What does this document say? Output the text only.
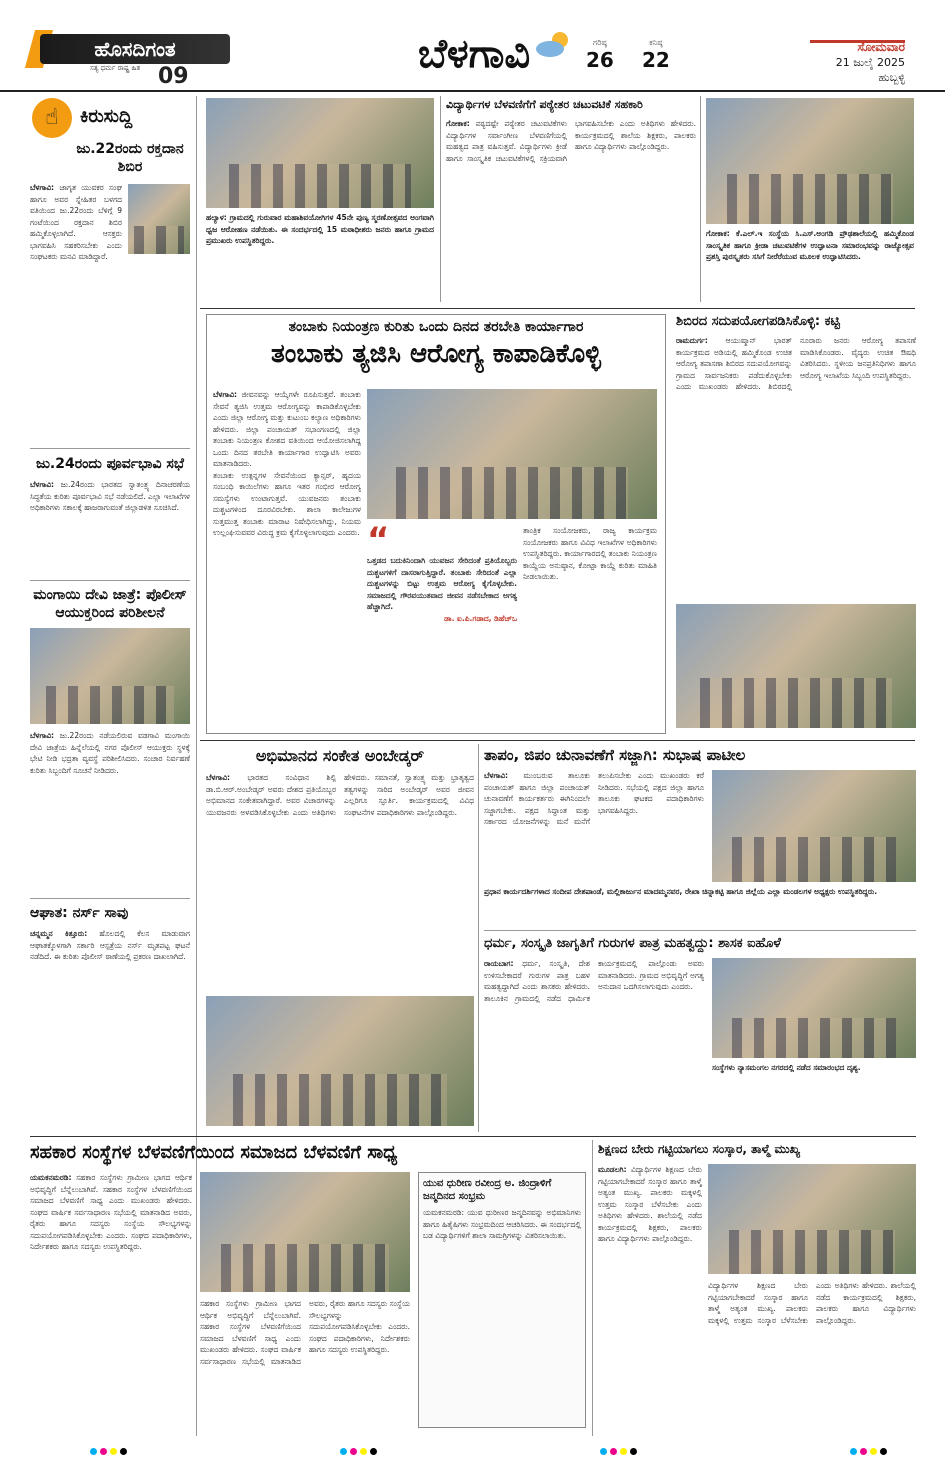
ಹೊಸದಿಗಂತ
ಸತ್ಯ ಧರ್ಮ ರಾಷ್ಟ್ರ ಹಿತ 09	ಬೆಳಗಾವಿ	ಗರಿಷ್ಠ
26
ಕನಿಷ್ಠ
22
ಸೋಮವಾರ
21 ಜುಲೈ 2025
ಹುಬ್ಬಳ್ಳಿ
☝	ಕಿರುಸುದ್ದಿ
ಜು.22ರಂದು ರಕ್ತದಾನ ಶಿಬಿರ
ಬೆಳಗಾವಿ: ಜಾಗೃತ ಯುವಕರ ಸಂಘ ಹಾಗೂ ಅವರ ಸ್ನೇಹಿತರ ಬಳಗದ ವತಿಯಿಂದ ಜು.22ರಂದು ಬೆಳಿಗ್ಗೆ 9 ಗಂಟೆಯಿಂದ ರಕ್ತದಾನ ಶಿಬಿರ ಹಮ್ಮಿಕೊಳ್ಳಲಾಗಿದೆ. ಆಸಕ್ತರು ಭಾಗವಹಿಸಿ ಸಹಕರಿಸಬೇಕು ಎಂದು ಸಂಘಟಕರು ಮನವಿ ಮಾಡಿದ್ದಾರೆ.
ಜು.24ರಂದು ಪೂರ್ವಭಾವಿ ಸಭೆ
ಬೆಳಗಾವಿ: ಜು.24ರಂದು ಭಾರತದ ಸ್ವಾತಂತ್ರ್ಯ ದಿನಾಚರಣೆಯ ಸಿದ್ಧತೆಯ ಕುರಿತು ಪೂರ್ವಭಾವಿ ಸಭೆ ನಡೆಯಲಿದೆ. ಎಲ್ಲಾ ಇಲಾಖೆಗಳ ಅಧಿಕಾರಿಗಳು ಸಕಾಲಕ್ಕೆ ಹಾಜರಾಗುವಂತೆ ಜಿಲ್ಲಾಡಳಿತ ಸೂಚಿಸಿದೆ.
ಮಂಗಾಯಿ ದೇವಿ ಜಾತ್ರೆ: ಪೊಲೀಸ್ ಆಯುಕ್ತರಿಂದ ಪರಿಶೀಲನೆ
ಬೆಳಗಾವಿ: ಜು.22ರಂದು ನಡೆಯಲಿರುವ ವಡಗಾವಿ ಮಂಗಾಯಿ ದೇವಿ ಜಾತ್ರೆಯ ಹಿನ್ನೆಲೆಯಲ್ಲಿ ನಗರ ಪೊಲೀಸ್ ಆಯುಕ್ತರು ಸ್ಥಳಕ್ಕೆ ಭೇಟಿ ನೀಡಿ ಭದ್ರತಾ ವ್ಯವಸ್ಥೆ ಪರಿಶೀಲಿಸಿದರು. ಸಂಚಾರ ನಿರ್ವಹಣೆ ಕುರಿತು ಸಿಬ್ಬಂದಿಗೆ ಸೂಚನೆ ನೀಡಿದರು.
ಆಘಾತ: ನರ್ಸ್ ಸಾವು
ಚನ್ನಮ್ಮನ ಕಿತ್ತೂರು: ಹೊಲದಲ್ಲಿ ಕೆಲಸ ಮಾಡುವಾಗ ಆಘಾತಕ್ಕೊಳಗಾಗಿ ಸರ್ಕಾರಿ ಆಸ್ಪತ್ರೆಯ ನರ್ಸ್ ಮೃತಪಟ್ಟ ಘಟನೆ ನಡೆದಿದೆ. ಈ ಕುರಿತು ಪೊಲೀಸ್ ಠಾಣೆಯಲ್ಲಿ ಪ್ರಕರಣ ದಾಖಲಾಗಿದೆ.
ಹಲ್ಯಾಳ: ಗ್ರಾಮದಲ್ಲಿ ಗುರುವಾರ ಮಹಾಶಿವಯೋಗಿಗಳ 45ನೇ ಪುಣ್ಯ ಸ್ಮರಣೋತ್ಸವದ ಅಂಗವಾಗಿ ಧ್ವಜ ಆರೋಹಣ ನಡೆಯಿತು. ಈ ಸಂದರ್ಭದಲ್ಲಿ 15 ಮಠಾಧೀಶರು ಜನರು ಹಾಗೂ ಗ್ರಾಮದ ಪ್ರಮುಖರು ಉಪಸ್ಥಿತರಿದ್ದರು.
ವಿದ್ಯಾರ್ಥಿಗಳ ಬೆಳವಣಿಗೆಗೆ ಪಠ್ಯೇತರ ಚಟುವಟಿಕೆ ಸಹಕಾರಿ
ಗೋಕಾಕ: ಪಠ್ಯದಷ್ಟೇ ಪಠ್ಯೇತರ ಚಟುವಟಿಕೆಗಳು ವಿದ್ಯಾರ್ಥಿಗಳ ಸರ್ವಾಂಗೀಣ ಬೆಳವಣಿಗೆಯಲ್ಲಿ ಮಹತ್ವದ ಪಾತ್ರ ವಹಿಸುತ್ತವೆ. ವಿದ್ಯಾರ್ಥಿಗಳು ಕ್ರೀಡೆ ಹಾಗೂ ಸಾಂಸ್ಕೃತಿಕ ಚಟುವಟಿಕೆಗಳಲ್ಲಿ ಸಕ್ರಿಯವಾಗಿ ಭಾಗವಹಿಸಬೇಕು ಎಂದು ಅತಿಥಿಗಳು ಹೇಳಿದರು. ಕಾರ್ಯಕ್ರಮದಲ್ಲಿ ಶಾಲೆಯ ಶಿಕ್ಷಕರು, ಪಾಲಕರು ಹಾಗೂ ವಿದ್ಯಾರ್ಥಿಗಳು ಪಾಲ್ಗೊಂಡಿದ್ದರು.
ಗೋಕಾಕ: ಕೆ.ಎಲ್.ಇ ಸಂಸ್ಥೆಯ ಸಿ.ಎಸ್.ಅಂಗಡಿ ಪ್ರೌಢಶಾಲೆಯಲ್ಲಿ ಹಮ್ಮಿಕೊಂಡ ಸಾಂಸ್ಕೃತಿಕ ಹಾಗೂ ಕ್ರೀಡಾ ಚಟುವಟಿಕೆಗಳ ಉದ್ಘಾಟನಾ ಸಮಾರಂಭವನ್ನು ರಾಜ್ಯೋತ್ಸವ ಪ್ರಶಸ್ತಿ ಪುರಸ್ಕೃತರು ಸಸಿಗೆ ನೀರೆರೆಯುವ ಮೂಲಕ ಉದ್ಘಾಟಿಸಿದರು.
ತಂಬಾಕು ನಿಯಂತ್ರಣ ಕುರಿತು ಒಂದು ದಿನದ ತರಬೇತಿ ಕಾರ್ಯಾಗಾರ
ತಂಬಾಕು ತ್ಯಜಿಸಿ ಆರೋಗ್ಯ ಕಾಪಾಡಿಕೊಳ್ಳಿ
ಬೆಳಗಾವಿ: ಜೀವನವನ್ನು ಆಯ್ಕೆಗಳೇ ರೂಪಿಸುತ್ತವೆ. ತಂಬಾಕು ಸೇವನೆ ತ್ಯಜಿಸಿ ಉತ್ತಮ ಆರೋಗ್ಯವನ್ನು ಕಾಪಾಡಿಕೊಳ್ಳಬೇಕು ಎಂದು ಜಿಲ್ಲಾ ಆರೋಗ್ಯ ಮತ್ತು ಕುಟುಂಬ ಕಲ್ಯಾಣ ಅಧಿಕಾರಿಗಳು ಹೇಳಿದರು. ಜಿಲ್ಲಾ ಪಂಚಾಯತ್ ಸಭಾಂಗಣದಲ್ಲಿ ಜಿಲ್ಲಾ ತಂಬಾಕು ನಿಯಂತ್ರಣ ಕೋಶದ ವತಿಯಿಂದ ಆಯೋಜಿಸಲಾಗಿದ್ದ ಒಂದು ದಿನದ ತರಬೇತಿ ಕಾರ್ಯಾಗಾರ ಉದ್ಘಾಟಿಸಿ ಅವರು ಮಾತನಾಡಿದರು.

ತಂಬಾಕು ಉತ್ಪನ್ನಗಳ ಸೇವನೆಯಿಂದ ಕ್ಯಾನ್ಸರ್, ಹೃದಯ ಸಂಬಂಧಿ ಕಾಯಿಲೆಗಳು ಹಾಗೂ ಇತರ ಗಂಭೀರ ಆರೋಗ್ಯ ಸಮಸ್ಯೆಗಳು ಉಂಟಾಗುತ್ತವೆ. ಯುವಜನರು ತಂಬಾಕು ದುಶ್ಚಟಗಳಿಂದ ದೂರವಿರಬೇಕು. ಶಾಲಾ ಕಾಲೇಜುಗಳ ಸುತ್ತಮುತ್ತ ತಂಬಾಕು ಮಾರಾಟ ನಿಷೇಧಿಸಲಾಗಿದ್ದು, ನಿಯಮ ಉಲ್ಲಂಘಿಸುವವರ ವಿರುದ್ಧ ಕ್ರಮ ಕೈಗೊಳ್ಳಲಾಗುವುದು ಎಂದರು. “
ಒತ್ತಡದ ಬದುಕಿನಿಂದಾಗಿ ಯುವಜನ ಸೇರಿದಂತೆ ಪ್ರತಿಯೊಬ್ಬರು ದುಶ್ಚಟಗಳಿಗೆ ದಾಸರಾಗುತ್ತಿದ್ದಾರೆ. ತಂಬಾಕು ಸೇರಿದಂತೆ ಎಲ್ಲಾ ದುಶ್ಚಟಗಳನ್ನು ಬಿಟ್ಟು ಉತ್ತಮ ಆರೋಗ್ಯ ಕೈಗೊಳ್ಳಬೇಕು. ಸಮಾಜದಲ್ಲಿ ಗೌರವಯುತವಾದ ಜೀವನ ನಡೆಸಬೇಕಾದ ಅಗತ್ಯ ಹೆಚ್ಚಾಗಿದೆ.
ಡಾ. ಐ.ಪಿ.ಗಡಾದ, ಡಿಹೆಚ್‌ಒ
ತಾಂತ್ರಿಕ ಸಂಯೋಜಕರು, ರಾಜ್ಯ ಕಾರ್ಯಕ್ರಮ ಸಂಯೋಜಕರು ಹಾಗೂ ವಿವಿಧ ಇಲಾಖೆಗಳ ಅಧಿಕಾರಿಗಳು ಉಪಸ್ಥಿತರಿದ್ದರು. ಕಾರ್ಯಾಗಾರದಲ್ಲಿ ತಂಬಾಕು ನಿಯಂತ್ರಣ ಕಾಯ್ದೆಯ ಅನುಷ್ಠಾನ, ಕೋಟ್ಪಾ ಕಾಯ್ದೆ ಕುರಿತು ಮಾಹಿತಿ ನೀಡಲಾಯಿತು.
ಶಿಬಿರದ ಸದುಪಯೋಗಪಡಿಸಿಕೊಳ್ಳಿ: ಕಟ್ಟಿ
ರಾಮದುರ್ಗ: ಆಯುಷ್ಮಾನ್ ಭಾರತ್ ಕಾರ್ಯಕ್ರಮದ ಅಡಿಯಲ್ಲಿ ಹಮ್ಮಿಕೊಂಡ ಉಚಿತ ಆರೋಗ್ಯ ತಪಾಸಣಾ ಶಿಬಿರದ ಸದುಪಯೋಗವನ್ನು ಗ್ರಾಮದ ಸಾರ್ವಜನಿಕರು ಪಡೆದುಕೊಳ್ಳಬೇಕು ಎಂದು ಮುಖಂಡರು ಹೇಳಿದರು. ಶಿಬಿರದಲ್ಲಿ ನೂರಾರು ಜನರು ಆರೋಗ್ಯ ತಪಾಸಣೆ ಮಾಡಿಸಿಕೊಂಡರು. ವೈದ್ಯರು ಉಚಿತ ಔಷಧಿ ವಿತರಿಸಿದರು. ಸ್ಥಳೀಯ ಜನಪ್ರತಿನಿಧಿಗಳು ಹಾಗೂ ಆರೋಗ್ಯ ಇಲಾಖೆಯ ಸಿಬ್ಬಂದಿ ಉಪಸ್ಥಿತರಿದ್ದರು.
ಅಭಿಮಾನದ ಸಂಕೇತ ಅಂಬೇಡ್ಕರ್
ಬೆಳಗಾವಿ: ಭಾರತದ ಸಂವಿಧಾನ ಶಿಲ್ಪಿ ಡಾ.ಬಿ.ಆರ್.ಅಂಬೇಡ್ಕರ್ ಅವರು ದೇಶದ ಪ್ರತಿಯೊಬ್ಬರ ಅಭಿಮಾನದ ಸಂಕೇತವಾಗಿದ್ದಾರೆ. ಅವರ ವಿಚಾರಗಳನ್ನು ಯುವಜನರು ಅಳವಡಿಸಿಕೊಳ್ಳಬೇಕು ಎಂದು ಅತಿಥಿಗಳು ಹೇಳಿದರು. ಸಮಾನತೆ, ಸ್ವಾತಂತ್ರ್ಯ ಮತ್ತು ಭ್ರಾತೃತ್ವದ ತತ್ವಗಳನ್ನು ಸಾರಿದ ಅಂಬೇಡ್ಕರ್ ಅವರ ಜೀವನ ಎಲ್ಲರಿಗೂ ಸ್ಫೂರ್ತಿ. ಕಾರ್ಯಕ್ರಮದಲ್ಲಿ ವಿವಿಧ ಸಂಘಟನೆಗಳ ಪದಾಧಿಕಾರಿಗಳು ಪಾಲ್ಗೊಂಡಿದ್ದರು.
ತಾಪಂ, ಜಿಪಂ ಚುನಾವಣೆಗೆ ಸಜ್ಜಾಗಿ: ಸುಭಾಷ ಪಾಟೀಲ
ಬೆಳಗಾವಿ: ಮುಂಬರುವ ತಾಲೂಕು ಪಂಚಾಯತ್ ಹಾಗೂ ಜಿಲ್ಲಾ ಪಂಚಾಯತ್ ಚುನಾವಣೆಗೆ ಕಾರ್ಯಕರ್ತರು ಈಗಿನಿಂದಲೇ ಸಜ್ಜಾಗಬೇಕು. ಪಕ್ಷದ ಸಿದ್ಧಾಂತ ಮತ್ತು ಸರ್ಕಾರದ ಯೋಜನೆಗಳನ್ನು ಮನೆ ಮನೆಗೆ ತಲುಪಿಸಬೇಕು ಎಂದು ಮುಖಂಡರು ಕರೆ ನೀಡಿದರು. ಸಭೆಯಲ್ಲಿ ಪಕ್ಷದ ಜಿಲ್ಲಾ ಹಾಗೂ ತಾಲೂಕು ಘಟಕದ ಪದಾಧಿಕಾರಿಗಳು ಭಾಗವಹಿಸಿದ್ದರು.
ಪ್ರಧಾನ ಕಾರ್ಯದರ್ಶಿಗಳಾದ ಸಂದೀಪ ದೇಶಪಾಂಡೆ, ಮಲ್ಲಿಕಾರ್ಜುನ ಮಾದಮ್ಮನವರ, ರೇಖಾ ಚಿನ್ನಾಕಟ್ಟಿ ಹಾಗೂ ಜಿಲ್ಲೆಯ ಎಲ್ಲಾ ಮಂಡಲಗಳ ಅಧ್ಯಕ್ಷರು ಉಪಸ್ಥಿತರಿದ್ದರು.
ಧರ್ಮ, ಸಂಸ್ಕೃತಿ ಜಾಗೃತಿಗೆ ಗುರುಗಳ ಪಾತ್ರ ಮಹತ್ವದ್ದು: ಶಾಸಕ ಐಹೊಳೆ
ರಾಯಬಾಗ: ಧರ್ಮ, ಸಂಸ್ಕೃತಿ, ದೇಶ ಉಳಿಸಬೇಕಾದರೆ ಗುರುಗಳ ಪಾತ್ರ ಬಹಳ ಮಹತ್ವದ್ದಾಗಿದೆ ಎಂದು ಶಾಸಕರು ಹೇಳಿದರು. ತಾಲೂಕಿನ ಗ್ರಾಮದಲ್ಲಿ ನಡೆದ ಧಾರ್ಮಿಕ ಕಾರ್ಯಕ್ರಮದಲ್ಲಿ ಪಾಲ್ಗೊಂಡು ಅವರು ಮಾತನಾಡಿದರು. ಗ್ರಾಮದ ಅಭಿವೃದ್ಧಿಗೆ ಅಗತ್ಯ ಅನುದಾನ ಒದಗಿಸಲಾಗುವುದು ಎಂದರು.
ಸಂಸ್ಥೆಗಳು ನ್ಯಾಸಮಂಗಲ ನಗರದಲ್ಲಿ ನಡೆದ ಸಮಾರಂಭದ ದೃಶ್ಯ.
ಸಹಕಾರ ಸಂಸ್ಥೆಗಳ ಬೆಳವಣಿಗೆಯಿಂದ ಸಮಾಜದ ಬೆಳವಣಿಗೆ ಸಾಧ್ಯ
ಯಮಕನಮರಡಿ: ಸಹಕಾರ ಸಂಸ್ಥೆಗಳು ಗ್ರಾಮೀಣ ಭಾಗದ ಆರ್ಥಿಕ ಅಭಿವೃದ್ಧಿಗೆ ಬೆನ್ನೆಲುಬಾಗಿವೆ. ಸಹಕಾರ ಸಂಸ್ಥೆಗಳ ಬೆಳವಣಿಗೆಯಿಂದ ಸಮಾಜದ ಬೆಳವಣಿಗೆ ಸಾಧ್ಯ ಎಂದು ಮುಖಂಡರು ಹೇಳಿದರು. ಸಂಘದ ವಾರ್ಷಿಕ ಸರ್ವಸಾಧಾರಣ ಸಭೆಯಲ್ಲಿ ಮಾತನಾಡಿದ ಅವರು, ರೈತರು ಹಾಗೂ ಸದಸ್ಯರು ಸಂಸ್ಥೆಯ ಸೌಲಭ್ಯಗಳನ್ನು ಸದುಪಯೋಗಪಡಿಸಿಕೊಳ್ಳಬೇಕು ಎಂದರು. ಸಂಘದ ಪದಾಧಿಕಾರಿಗಳು, ನಿರ್ದೇಶಕರು ಹಾಗೂ ಸದಸ್ಯರು ಉಪಸ್ಥಿತರಿದ್ದರು.
ಸಹಕಾರ ಸಂಸ್ಥೆಗಳು ಗ್ರಾಮೀಣ ಭಾಗದ ಆರ್ಥಿಕ ಅಭಿವೃದ್ಧಿಗೆ ಬೆನ್ನೆಲುಬಾಗಿವೆ. ಸಹಕಾರ ಸಂಸ್ಥೆಗಳ ಬೆಳವಣಿಗೆಯಿಂದ ಸಮಾಜದ ಬೆಳವಣಿಗೆ ಸಾಧ್ಯ ಎಂದು ಮುಖಂಡರು ಹೇಳಿದರು. ಸಂಘದ ವಾರ್ಷಿಕ ಸರ್ವಸಾಧಾರಣ ಸಭೆಯಲ್ಲಿ ಮಾತನಾಡಿದ ಅವರು, ರೈತರು ಹಾಗೂ ಸದಸ್ಯರು ಸಂಸ್ಥೆಯ ಸೌಲಭ್ಯಗಳನ್ನು ಸದುಪಯೋಗಪಡಿಸಿಕೊಳ್ಳಬೇಕು ಎಂದರು. ಸಂಘದ ಪದಾಧಿಕಾರಿಗಳು, ನಿರ್ದೇಶಕರು ಹಾಗೂ ಸದಸ್ಯರು ಉಪಸ್ಥಿತರಿದ್ದರು.
ಯುವ ಧುರೀಣ ರವೀಂದ್ರ ಅ. ಜಿಂದ್ರಾಳಿಗೆ ಜನ್ಮದಿನದ ಸಂಭ್ರಮ
ಯಮಕನಮರಡಿ: ಯುವ ಧುರೀಣರ ಜನ್ಮದಿನವನ್ನು ಅಭಿಮಾನಿಗಳು ಹಾಗೂ ಹಿತೈಷಿಗಳು ಸಂಭ್ರಮದಿಂದ ಆಚರಿಸಿದರು. ಈ ಸಂದರ್ಭದಲ್ಲಿ ಬಡ ವಿದ್ಯಾರ್ಥಿಗಳಿಗೆ ಶಾಲಾ ಸಾಮಗ್ರಿಗಳನ್ನು ವಿತರಿಸಲಾಯಿತು.
ಶಿಕ್ಷಣದ ಬೇರು ಗಟ್ಟಿಯಾಗಲು ಸಂಸ್ಕಾರ, ತಾಳ್ಮೆ ಮುಖ್ಯ
ಮೂಡಲಗಿ: ವಿದ್ಯಾರ್ಥಿಗಳ ಶಿಕ್ಷಣದ ಬೇರು ಗಟ್ಟಿಯಾಗಬೇಕಾದರೆ ಸಂಸ್ಕಾರ ಹಾಗೂ ತಾಳ್ಮೆ ಅತ್ಯಂತ ಮುಖ್ಯ. ಪಾಲಕರು ಮಕ್ಕಳಲ್ಲಿ ಉತ್ತಮ ಸಂಸ್ಕಾರ ಬೆಳೆಸಬೇಕು ಎಂದು ಅತಿಥಿಗಳು ಹೇಳಿದರು. ಶಾಲೆಯಲ್ಲಿ ನಡೆದ ಕಾರ್ಯಕ್ರಮದಲ್ಲಿ ಶಿಕ್ಷಕರು, ಪಾಲಕರು ಹಾಗೂ ವಿದ್ಯಾರ್ಥಿಗಳು ಪಾಲ್ಗೊಂಡಿದ್ದರು.
ವಿದ್ಯಾರ್ಥಿಗಳ ಶಿಕ್ಷಣದ ಬೇರು ಗಟ್ಟಿಯಾಗಬೇಕಾದರೆ ಸಂಸ್ಕಾರ ಹಾಗೂ ತಾಳ್ಮೆ ಅತ್ಯಂತ ಮುಖ್ಯ. ಪಾಲಕರು ಮಕ್ಕಳಲ್ಲಿ ಉತ್ತಮ ಸಂಸ್ಕಾರ ಬೆಳೆಸಬೇಕು ಎಂದು ಅತಿಥಿಗಳು ಹೇಳಿದರು. ಶಾಲೆಯಲ್ಲಿ ನಡೆದ ಕಾರ್ಯಕ್ರಮದಲ್ಲಿ ಶಿಕ್ಷಕರು, ಪಾಲಕರು ಹಾಗೂ ವಿದ್ಯಾರ್ಥಿಗಳು ಪಾಲ್ಗೊಂಡಿದ್ದರು.
